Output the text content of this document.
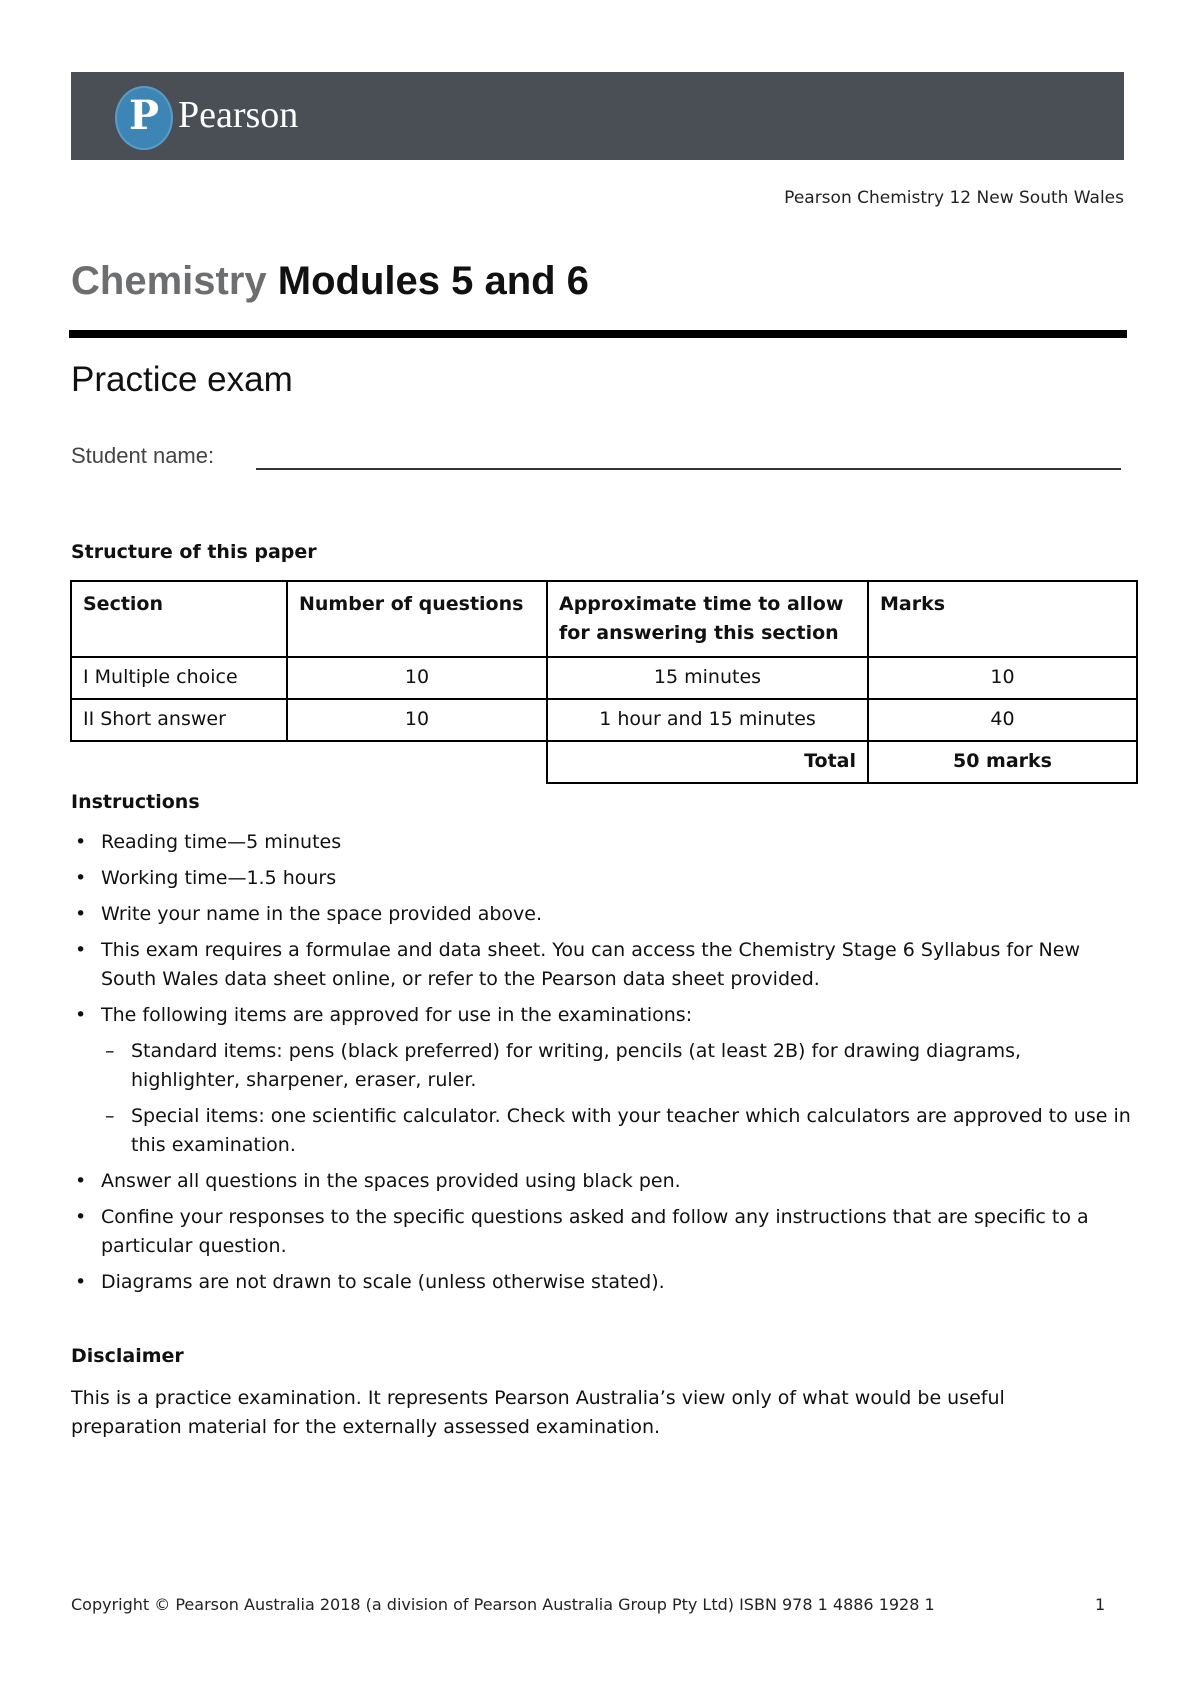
P Pearson
Pearson Chemistry 12 New South Wales
Chemistry Modules 5 and 6
Practice exam
Student name:
Structure of this paper
Section	Number of questions	Approximate time to allow for answering this section	Marks
I Multiple choice	10	15 minutes	10
II Short answer	10	1 hour and 15 minutes	40
		Total	50 marks
Instructions
• Reading time—5 minutes
• Working time—1.5 hours
• Write your name in the space provided above.
• This exam requires a formulae and data sheet. You can access the Chemistry Stage 6 Syllabus for New South Wales data sheet online, or refer to the Pearson data sheet provided.
• The following items are approved for use in the examinations:
– Standard items: pens (black preferred) for writing, pencils (at least 2B) for drawing diagrams, highlighter, sharpener, eraser, ruler.
– Special items: one scientific calculator. Check with your teacher which calculators are approved to use in this examination.
• Answer all questions in the spaces provided using black pen.
• Confine your responses to the specific questions asked and follow any instructions that are specific to a particular question.
• Diagrams are not drawn to scale (unless otherwise stated).
Disclaimer
This is a practice examination. It represents Pearson Australia’s view only of what would be useful preparation material for the externally assessed examination.
Copyright © Pearson Australia 2018 (a division of Pearson Australia Group Pty Ltd) ISBN 978 1 4886 1928 1	1
